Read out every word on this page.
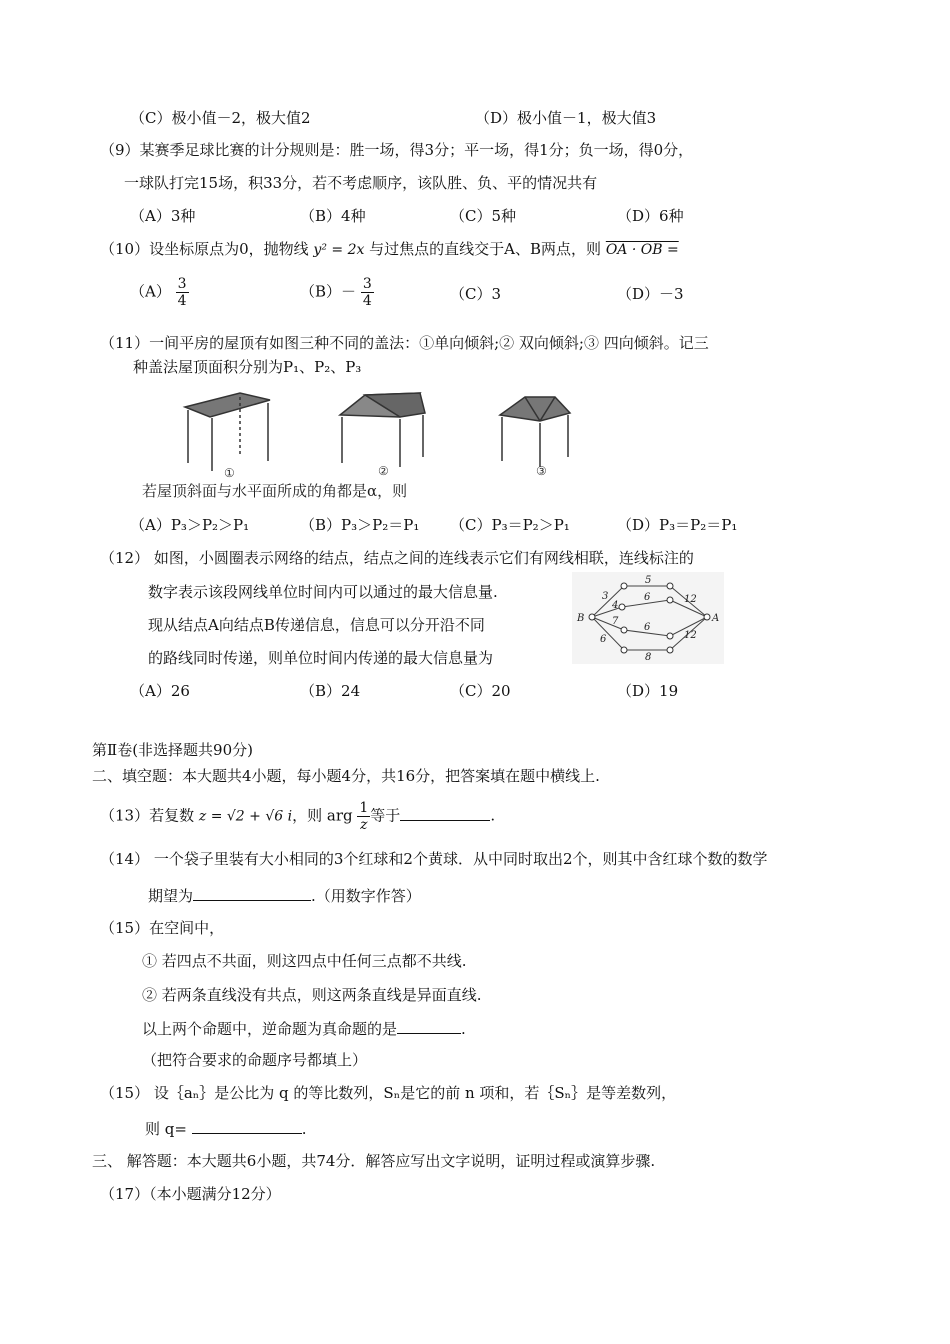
（C）极小值－2，极大值2	（D）极小值－1，极大值3
（9）某赛季足球比赛的计分规则是：胜一场，得3分；平一场，得1分；负一场，得0分，
一球队打完15场，积33分，若不考虑顺序，该队胜、负、平的情况共有
（A）3种	（B）4种	（C）5种	（D）6种
（10）设坐标原点为0，抛物线 y² = 2x 与过焦点的直线交于A、B两点，则 OA · OB =
$(A) \frac{3}{4}$	$(B)- \frac{3}{4}$	（C）3	（D）－3
（11）一间平房的屋顶有如图三种不同的盖法：①单向倾斜;② 双向倾斜;③ 四向倾斜。记三
种盖法屋顶面积分别为P₁、P₂、P₃
①	②	③
若屋顶斜面与水平面所成的角都是α，则
（A）P₃＞P₂＞P₁	（B）P₃＞P₂＝P₁ （C）P₃＝P₂＞P₁	（D）P₃＝P₂＝P₁
（12） 如图，小圆圈表示网络的结点，结点之间的连线表示它们有网线相联，连线标注的
数字表示该段网线单位时间内可以通过的最大信息量.
现从结点A向结点B传递信息，信息可以分开沿不同
的路线同时传递，则单位时间内传递的最大信息量为
B	A
3
5
4
6	12
7
6
6	12
8
（A）26	（B）24	（C）20	（D）19
第Ⅱ卷(非选择题共90分)
二、填空题：本大题共4小题，每小题4分，共16分，把答案填在题中横线上.
（13）若复数 z = √2 + √6 i，则 arg $\frac{1}{z}$ 等于	.
（14） 一个袋子里装有大小相同的3个红球和2个黄球．从中同时取出2个，则其中含红球个数的数学
期望为	.（用数字作答）
（15）在空间中，
① 若四点不共面，则这四点中任何三点都不共线.
② 若两条直线没有共点，则这两条直线是异面直线.
以上两个命题中，逆命题为真命题的是	.
（把符合要求的命题序号都填上）
（15） 设｛aₙ｝是公比为 q 的等比数列，Sₙ是它的前 n 项和，若｛Sₙ｝是等差数列，
则 q=	.
三、 解答题：本大题共6小题，共74分．解答应写出文字说明，证明过程或演算步骤.
（17）（本小题满分12分）
